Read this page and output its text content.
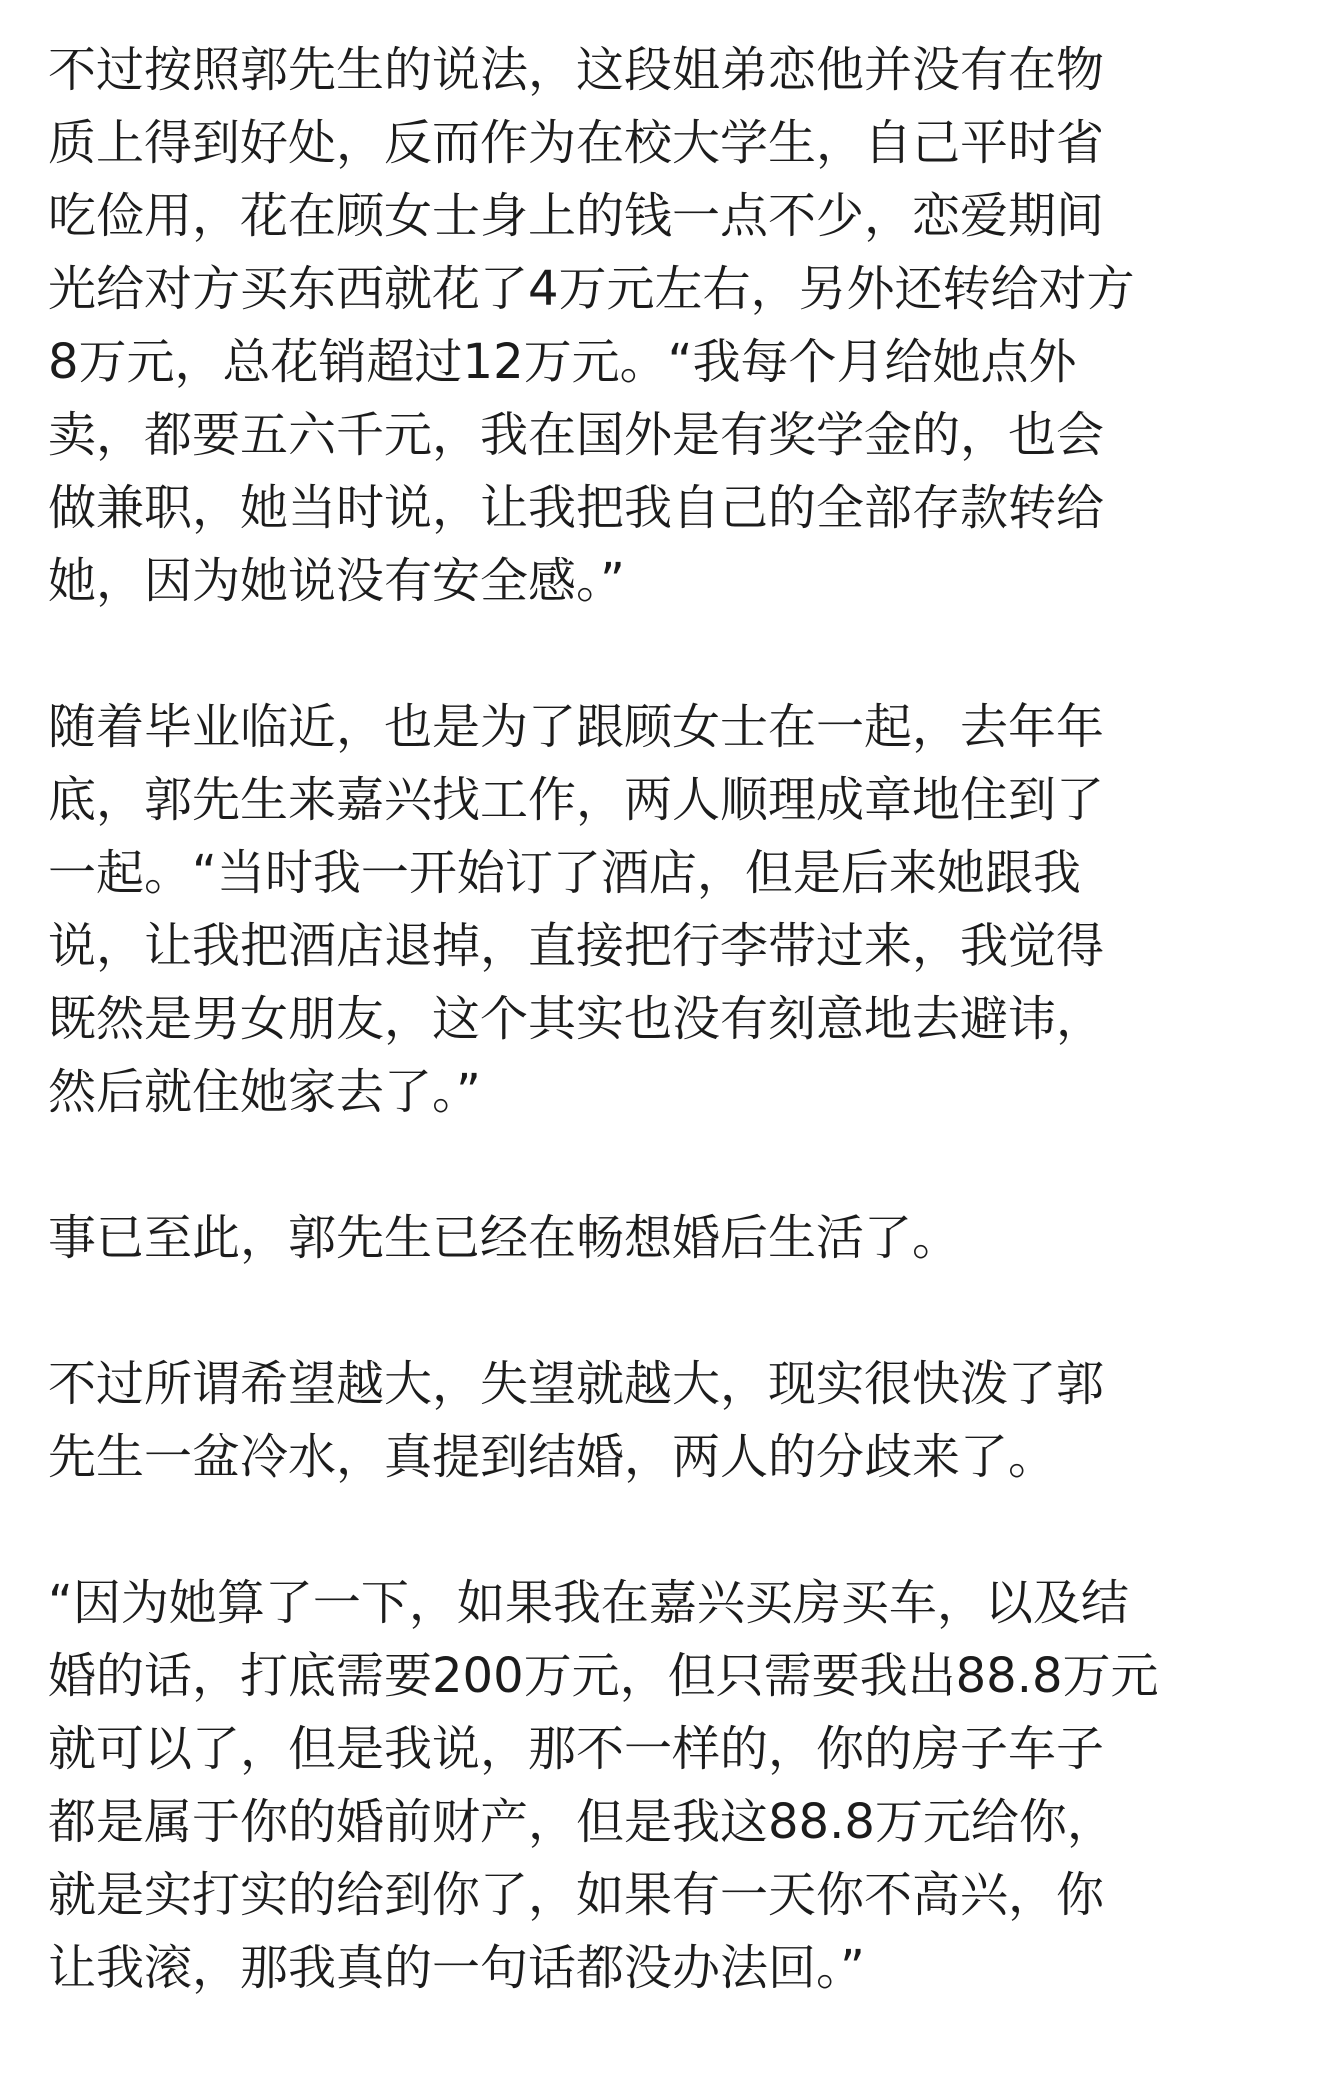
不过按照郭先生的说法，这段姐弟恋他并没有在物
质上得到好处，反而作为在校大学生，自己平时省
吃俭用，花在顾女士身上的钱一点不少，恋爱期间
光给对方买东西就花了4万元左右，另外还转给对方
8万元，总花销超过12万元。“我每个月给她点外
卖，都要五六千元，我在国外是有奖学金的，也会
做兼职，她当时说，让我把我自己的全部存款转给
她，因为她说没有安全感。”

随着毕业临近，也是为了跟顾女士在一起，去年年
底，郭先生来嘉兴找工作，两人顺理成章地住到了
一起。“当时我一开始订了酒店，但是后来她跟我
说，让我把酒店退掉，直接把行李带过来，我觉得
既然是男女朋友，这个其实也没有刻意地去避讳，
然后就住她家去了。”

事已至此，郭先生已经在畅想婚后生活了。

不过所谓希望越大，失望就越大，现实很快泼了郭
先生一盆冷水，真提到结婚，两人的分歧来了。

“因为她算了一下，如果我在嘉兴买房买车，以及结
婚的话，打底需要200万元，但只需要我出88.8万元
就可以了，但是我说，那不一样的，你的房子车子
都是属于你的婚前财产，但是我这88.8万元给你，
就是实打实的给到你了，如果有一天你不高兴，你
让我滚，那我真的一句话都没办法回。”
